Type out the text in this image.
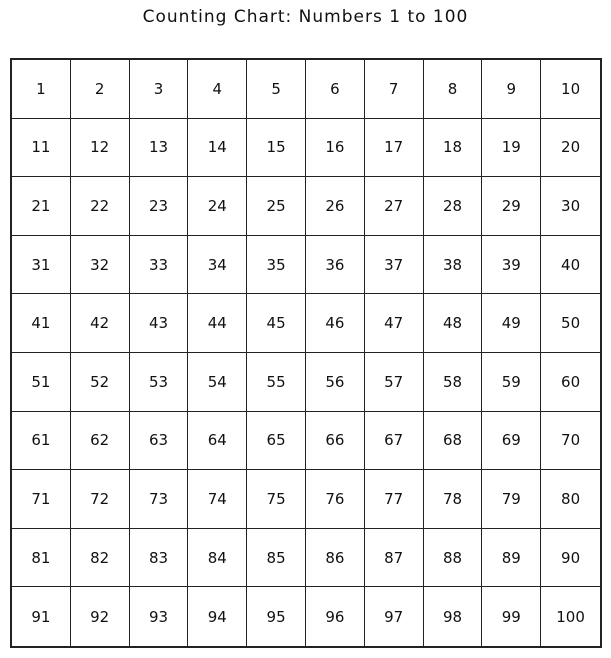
Counting Chart: Numbers 1 to 100
1	2	3	4	5	6	7	8	9	10
11	12	13	14	15	16	17	18	19	20
21	22	23	24	25	26	27	28	29	30
31	32	33	34	35	36	37	38	39	40
41	42	43	44	45	46	47	48	49	50
51	52	53	54	55	56	57	58	59	60
61	62	63	64	65	66	67	68	69	70
71	72	73	74	75	76	77	78	79	80
81	82	83	84	85	86	87	88	89	90
91	92	93	94	95	96	97	98	99	100
